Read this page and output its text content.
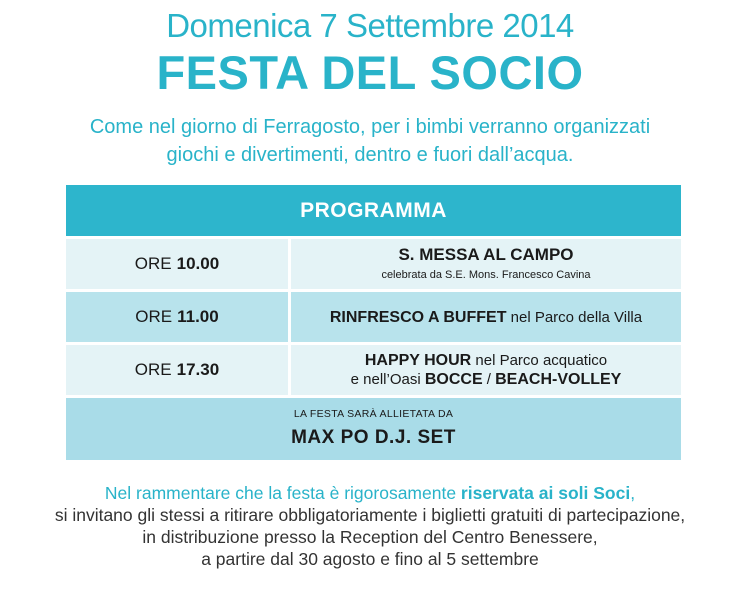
Domenica 7 Settembre 2014
FESTA DEL SOCIO
Come nel giorno di Ferragosto, per i bimbi verranno organizzati
giochi e divertimenti, dentro e fuori dall’acqua.
PROGRAMMA
ORE 10.00	S. MESSA AL CAMPO
celebrata da S.E. Mons. Francesco Cavina
ORE 11.00	RINFRESCO A BUFFET nel Parco della Villa
ORE 17.30	HAPPY HOUR nel Parco acquatico
e nell’Oasi BOCCE / BEACH-VOLLEY
LA FESTA SARÀ ALLIETATA DA
MAX PO D.J. SET
Nel rammentare che la festa è rigorosamente riservata ai soli Soci,
si invitano gli stessi a ritirare obbligatoriamente i biglietti gratuiti di partecipazione,
in distribuzione presso la Reception del Centro Benessere,
a partire dal 30 agosto e fino al 5 settembre
